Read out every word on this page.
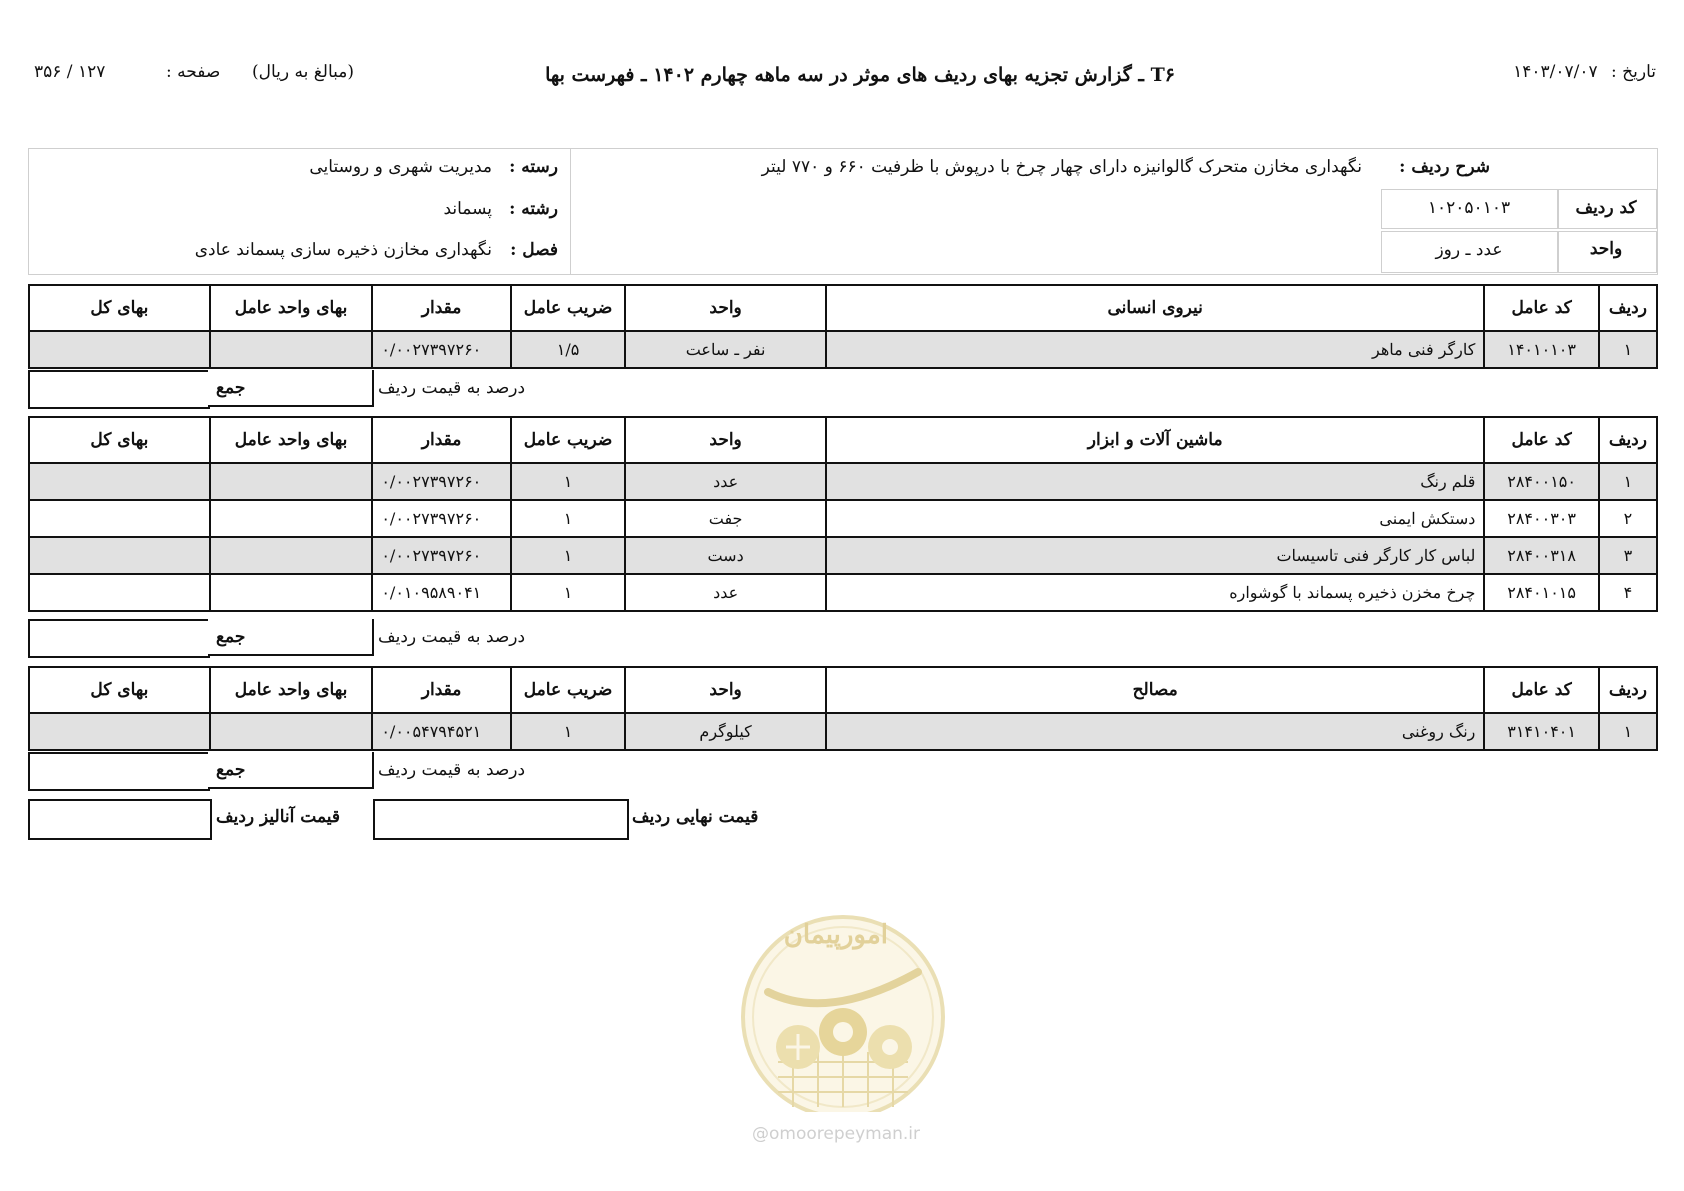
تاریخ : ۱۴۰۳/۰۷/۰۷
T۶ ـ گزارش تجزیه بهای ردیف های موثر در سه ماهه چهارم ۱۴۰۲ ـ فهرست بها
(مبالغ به ریال)
صفحه :
۱۲۷ / ۳۵۶
شرح ردیف :
نگهداری مخازن متحرک گالوانیزه دارای چهار چرخ با درپوش با ظرفیت ۶۶۰ و ۷۷۰ لیتر
کد ردیف
۱۰۲۰۵۰۱۰۳
واحد
عدد ـ روز
رسته :
مدیریت شهری و روستایی
رشته :
پسماند
فصل :
نگهداری مخازن ذخیره سازی پسماند عادی
ردیف	کد عامل	نیروی انسانی	واحد	ضریب عامل	مقدار	بهای واحد عامل	بهای کل
۱	۱۴۰۱۰۱۰۳	کارگر فنی ماهر	نفر ـ ساعت	۱/۵	۰/۰۰۲۷۳۹۷۲۶۰		
جمع	درصد به قیمت ردیف
ردیف	کد عامل	ماشین آلات و ابزار	واحد	ضریب عامل	مقدار	بهای واحد عامل	بهای کل
۱	۲۸۴۰۰۱۵۰	قلم رنگ	عدد	۱	۰/۰۰۲۷۳۹۷۲۶۰		
۲	۲۸۴۰۰۳۰۳	دستکش ایمنی	جفت	۱	۰/۰۰۲۷۳۹۷۲۶۰		
۳	۲۸۴۰۰۳۱۸	لباس کار کارگر فنی تاسیسات	دست	۱	۰/۰۰۲۷۳۹۷۲۶۰		
۴	۲۸۴۰۱۰۱۵	چرخ مخزن ذخیره پسماند با گوشواره	عدد	۱	۰/۰۱۰۹۵۸۹۰۴۱		
جمع	درصد به قیمت ردیف
ردیف	کد عامل	مصالح	واحد	ضریب عامل	مقدار	بهای واحد عامل	بهای کل
۱	۳۱۴۱۰۴۰۱	رنگ روغنی	کیلوگرم	۱	۰/۰۰۵۴۷۹۴۵۲۱		
جمع	درصد به قیمت ردیف
قیمت آنالیز ردیف	قیمت نهایی ردیف
امورپیمان
@omoorepeyman.ir
